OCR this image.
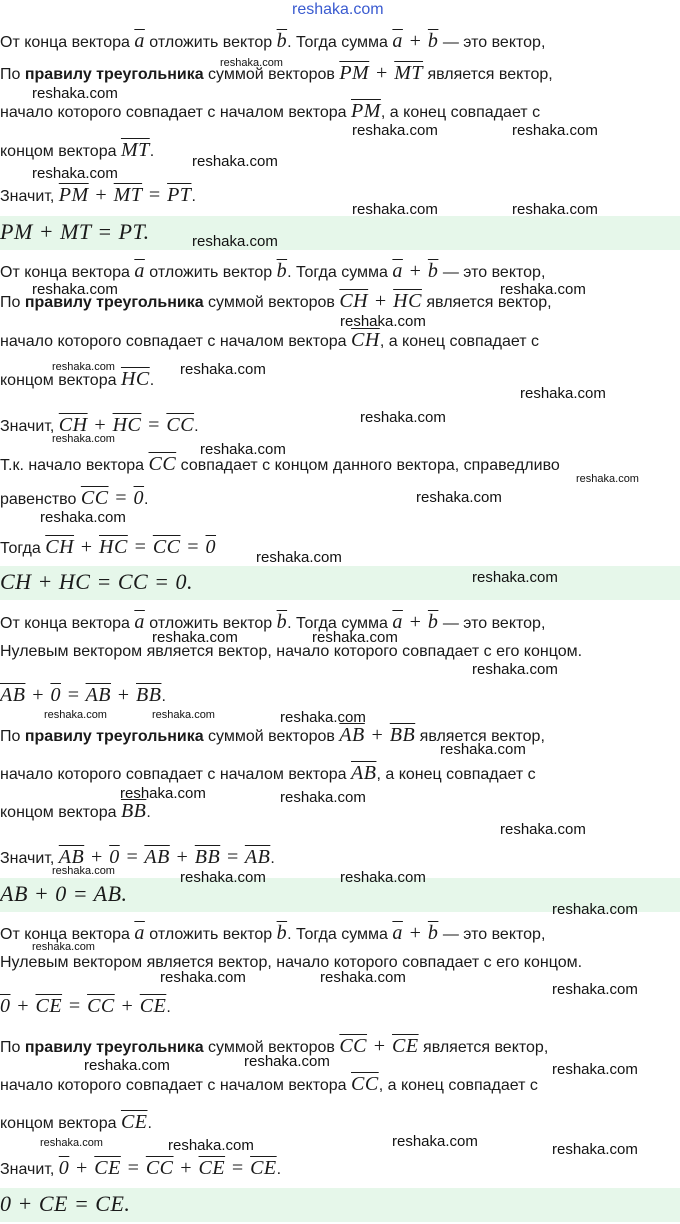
reshaka.com
От конца вектора $\overline{a}$ отложить вектор $\overline{b}$. Тогда сумма $\overline{a} + \overline{b}$ — это вектор,
По правилу треугольника суммой векторов $\overline{PM} + \overline{MT}$ является вектор,
начало которого совпадает с началом вектора $\overline{PM}$, а конец совпадает с
концом вектора $\overline{MT}$.
Значит, $\overline{PM} + \overline{MT} = \overline{PT}$.
PM + MT = PT.
От конца вектора $\overline{a}$ отложить вектор $\overline{b}$. Тогда сумма $\overline{a} + \overline{b}$ — это вектор,
По правилу треугольника суммой векторов $\overline{CH} + \overline{HC}$ является вектор,
начало которого совпадает с началом вектора $\overline{CH}$, а конец совпадает с
концом вектора $\overline{HC}$.
Значит, $\overline{CH} + \overline{HC} = \overline{CC}$.
Т.к. начало вектора $\overline{CC}$ совпадает с концом данного вектора, справедливо
равенство $\overline{CC} = 0$.
Тогда $\overline{CH} + \overline{HC} = \overline{CC} = 0$
CH + HC = CC = 0.
От конца вектора $\overline{a}$ отложить вектор $\overline{b}$. Тогда сумма $\overline{a} + \overline{b}$ — это вектор,
Нулевым вектором является вектор, начало которого совпадает с его концом.
$\overline{AB} + 0 = \overline{AB} + \overline{BB}$.
По правилу треугольника суммой векторов $\overline{AB} + \overline{BB}$ является вектор,
начало которого совпадает с началом вектора $\overline{AB}$, а конец совпадает с
концом вектора $\overline{BB}$.
Значит, $\overline{AB} + 0 = \overline{AB} + \overline{BB} = \overline{AB}$.
AB + 0 = AB.
От конца вектора $\overline{a}$ отложить вектор $\overline{b}$. Тогда сумма $\overline{a} + \overline{b}$ — это вектор,
Нулевым вектором является вектор, начало которого совпадает с его концом.
$0 + \overline{CE} = \overline{CC} + \overline{CE}$.
По правилу треугольника суммой векторов $\overline{CC} + \overline{CE}$ является вектор,
начало которого совпадает с началом вектора $\overline{CC}$, а конец совпадает с
концом вектора $\overline{CE}$.
Значит, $0 + \overline{CE} = \overline{CC} + \overline{CE} = \overline{CE}$.
0 + CE = CE.
reshaka.com
reshaka.com
reshaka.com	reshaka.com
reshaka.com
reshaka.com
reshaka.com	reshaka.com
reshaka.com
reshaka.com	reshaka.com
reshaka.com
reshaka.com	reshaka.com
reshaka.com
reshaka.com
reshaka.com
reshaka.com
reshaka.com
reshaka.com
reshaka.com
reshaka.com
reshaka.com
reshaka.com	reshaka.com
reshaka.com
reshaka.com	reshaka.com	reshaka.com
reshaka.com
reshaka.com	reshaka.com
reshaka.com
reshaka.com	reshaka.com	reshaka.com
reshaka.com
reshaka.com
reshaka.com	reshaka.com
reshaka.com
reshaka.com
reshaka.com	reshaka.com
reshaka.com	reshaka.com
reshaka.com	reshaka.com
